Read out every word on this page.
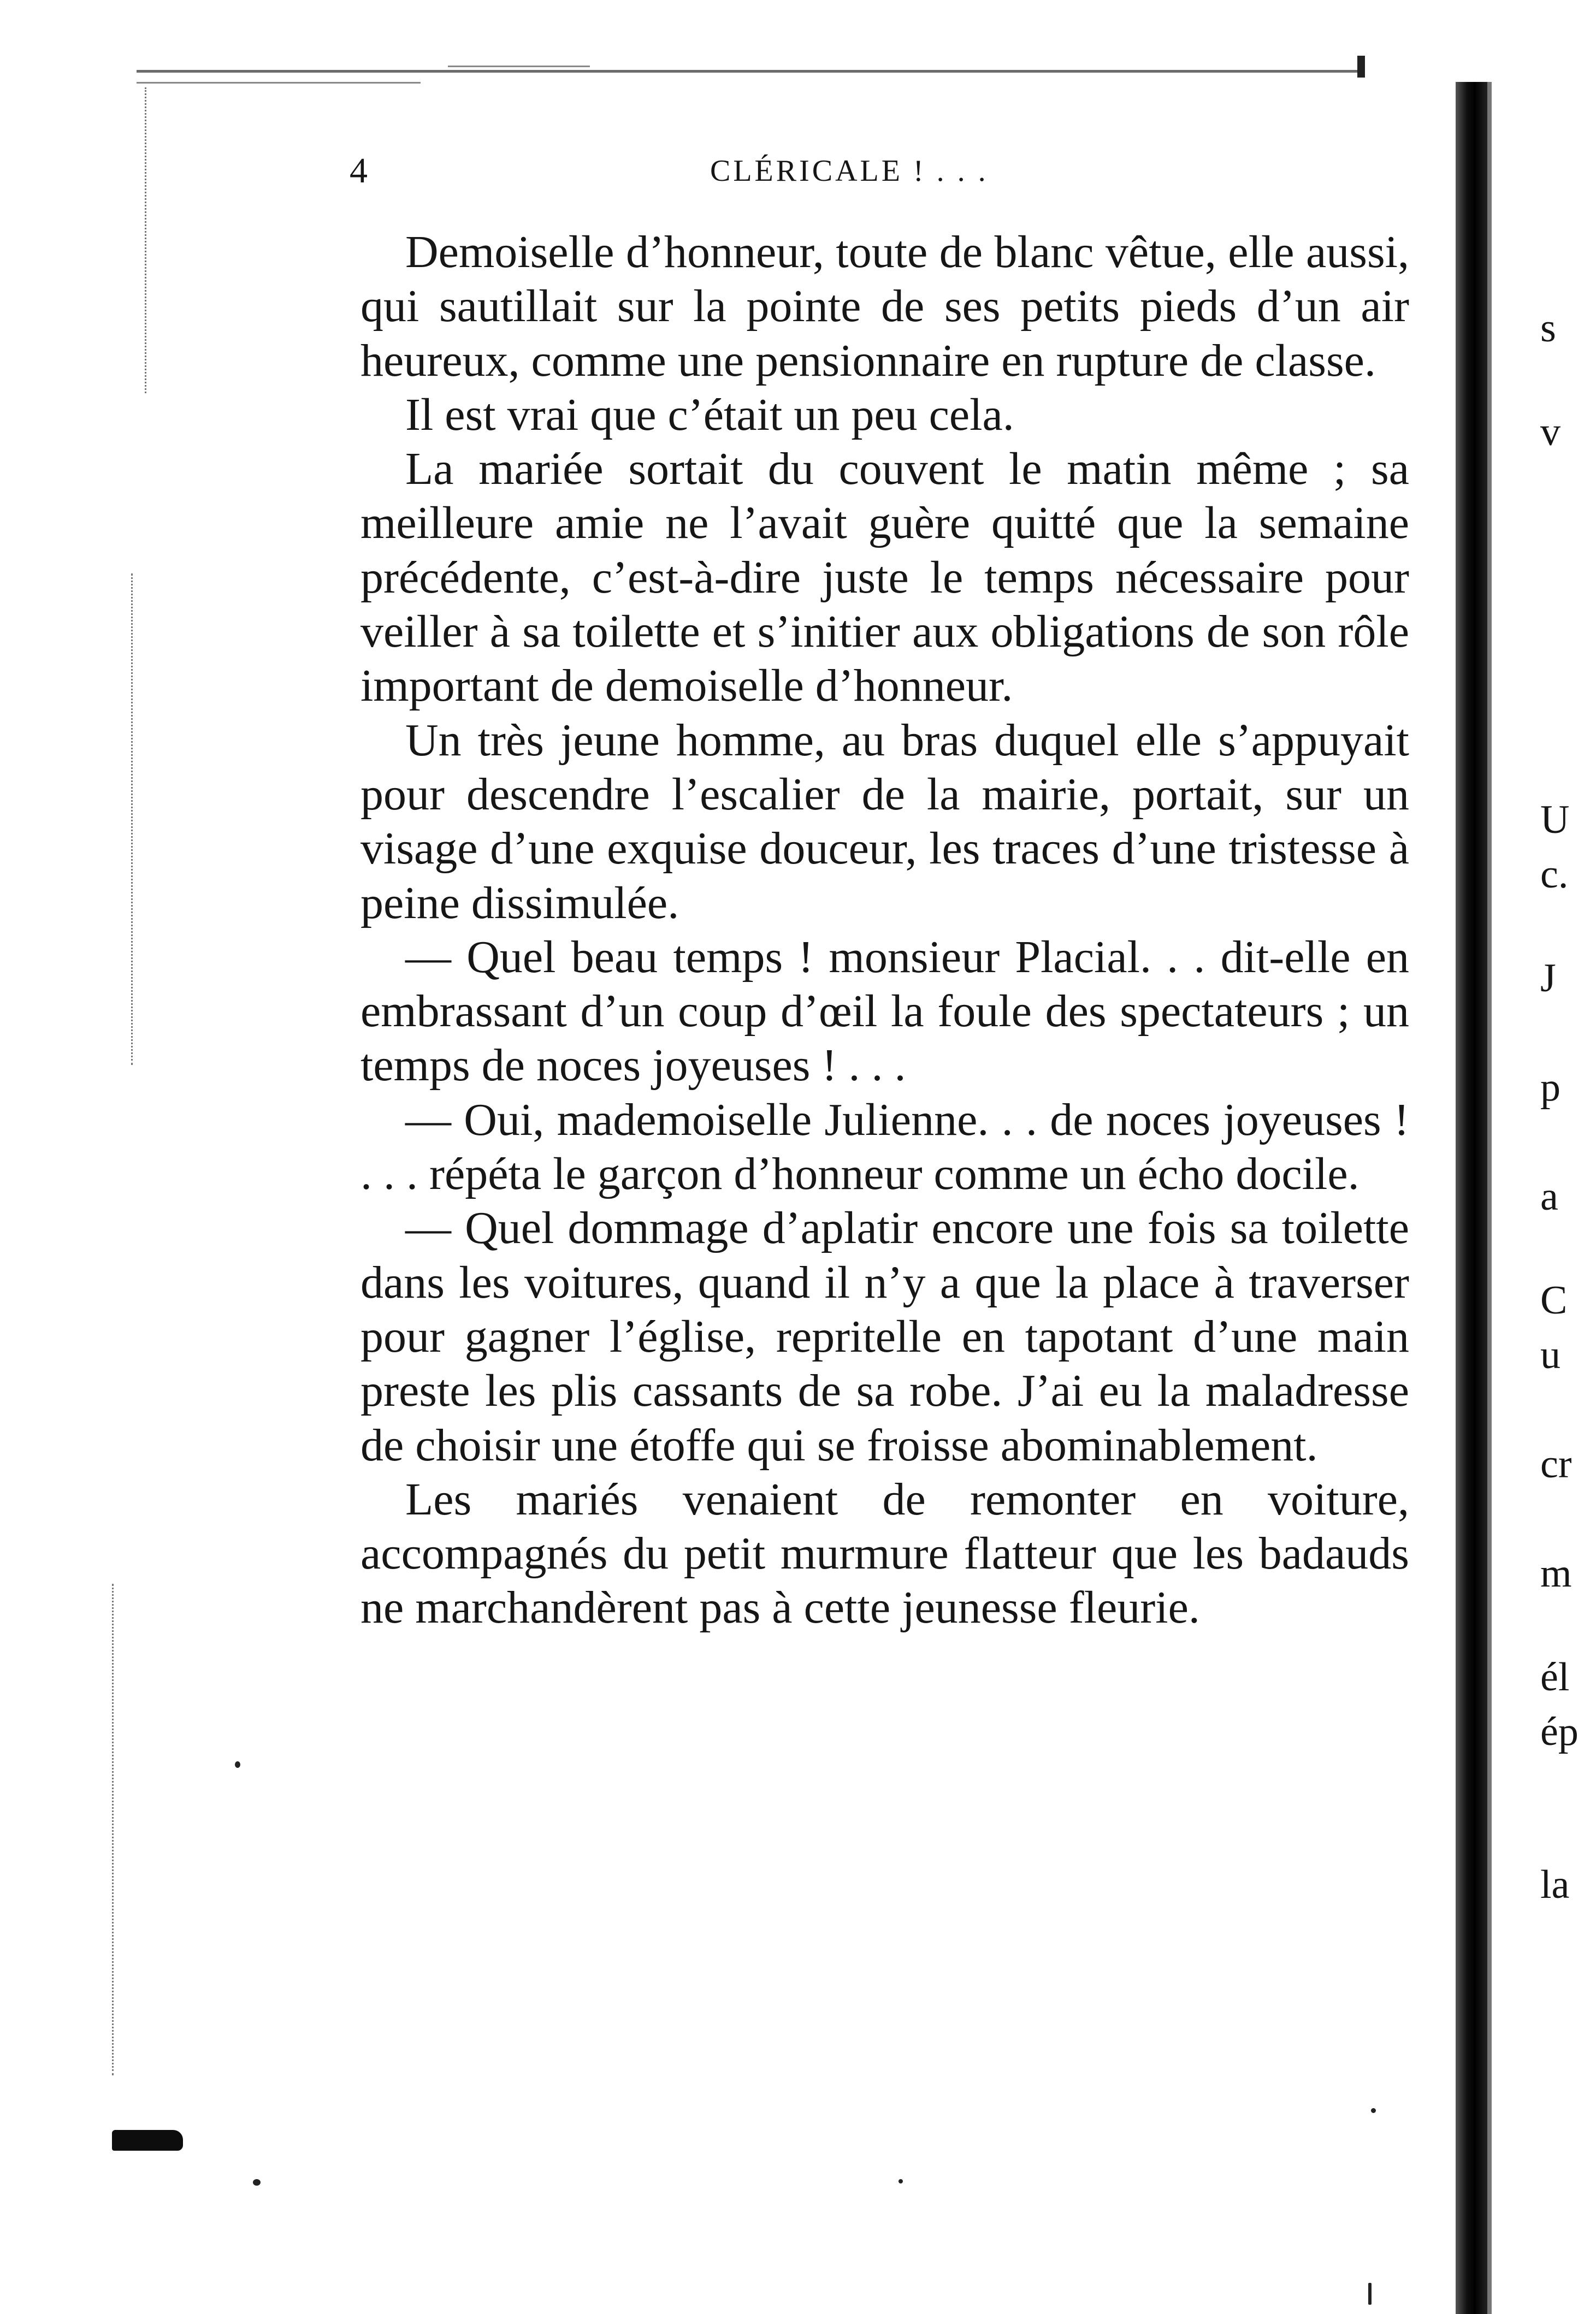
4	CLÉRICALE ! . . .

Demoiselle d’honneur, toute de blanc vêtue, elle aussi, qui sautillait sur la pointe de ses petits pieds d’un air heureux, comme une pensionnaire en rupture de classe.

Il est vrai que c’était un peu cela.

La mariée sortait du couvent le matin même ; sa meilleure amie ne l’avait guère quitté que la semaine précédente, c’est-à-dire juste le temps nécessaire pour veiller à sa toilette et s’initier aux obligations de son rôle important de demoiselle d’honneur.

Un très jeune homme, au bras duquel elle s’appuyait pour descendre l’escalier de la mairie, portait, sur un visage d’une exquise douceur, les traces d’une tristesse à peine dissimulée.

— Quel beau temps ! monsieur Placial. . . dit-elle en embrassant d’un coup d’œil la foule des spectateurs ; un temps de noces joyeuses ! . . .

— Oui, mademoiselle Julienne. . . de noces joyeuses ! . . . répéta le garçon d’honneur comme un écho docile.

— Quel dommage d’aplatir encore une fois sa toilette dans les voitures, quand il n’y a que la place à traverser pour gagner l’église, repritelle en tapotant d’une main preste les plis cassants de sa robe. J’ai eu la maladresse de choisir une étoffe qui se froisse abominablement.

Les mariés venaient de remonter en voiture, accompagnés du petit murmure flatteur que les badauds ne marchandèrent pas à cette jeunesse fleurie.

s
v
U
c.
J
p
a
C
u
cr
m
él
ép
la
